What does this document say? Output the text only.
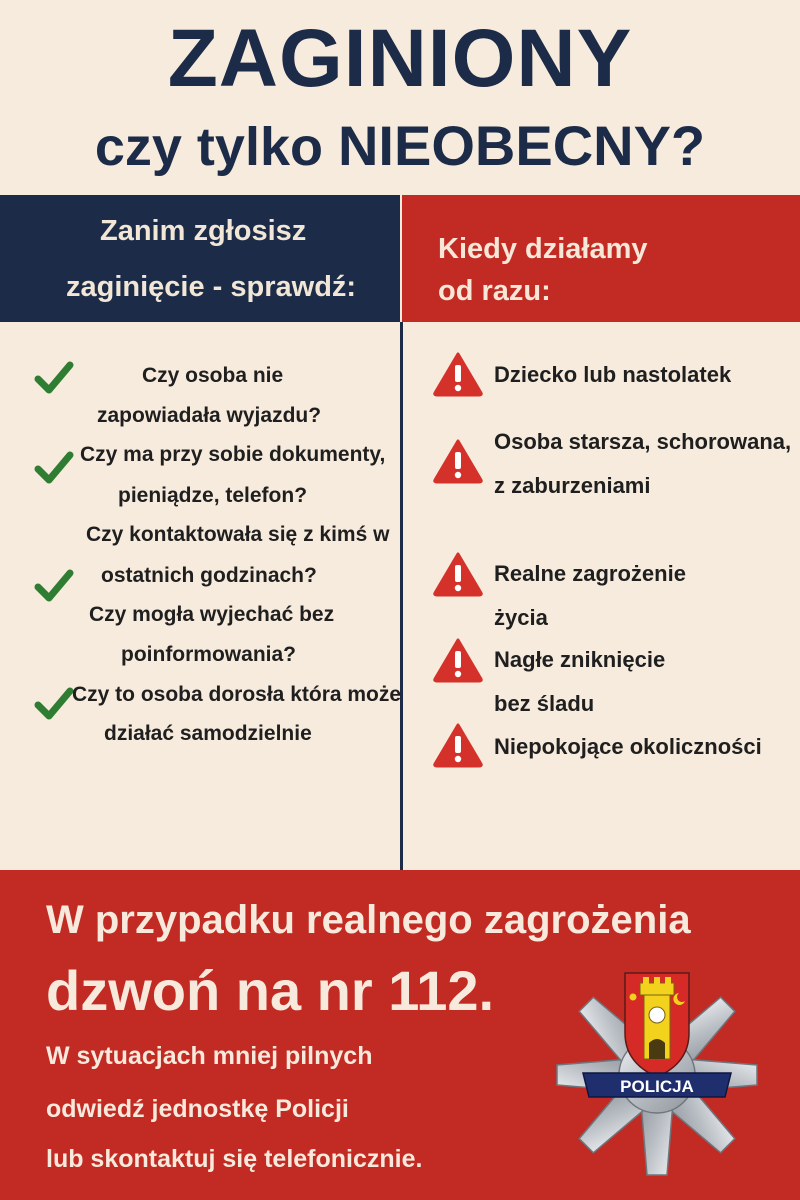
ZAGINIONY
czy tylko NIEOBECNY?
Zanim zgłosisz
zaginięcie - sprawdź:
Kiedy działamy
od razu:
Czy osoba nie
zapowiadała wyjazdu?
Czy ma przy sobie dokumenty,
pieniądze, telefon?
Czy kontaktowała się z kimś w
ostatnich godzinach?
Czy mogła wyjechać bez
poinformowania?
Czy to osoba dorosła która może
działać samodzielnie
Dziecko lub nastolatek
Osoba starsza, schorowana,
z zaburzeniami
Realne zagrożenie
życia
Nagłe zniknięcie
bez śladu
Niepokojące okoliczności
W przypadku realnego zagrożenia
dzwoń na nr 112.
W sytuacjach mniej pilnych
odwiedź jednostkę Policji
lub skontaktuj się telefonicznie.
POLICJA
